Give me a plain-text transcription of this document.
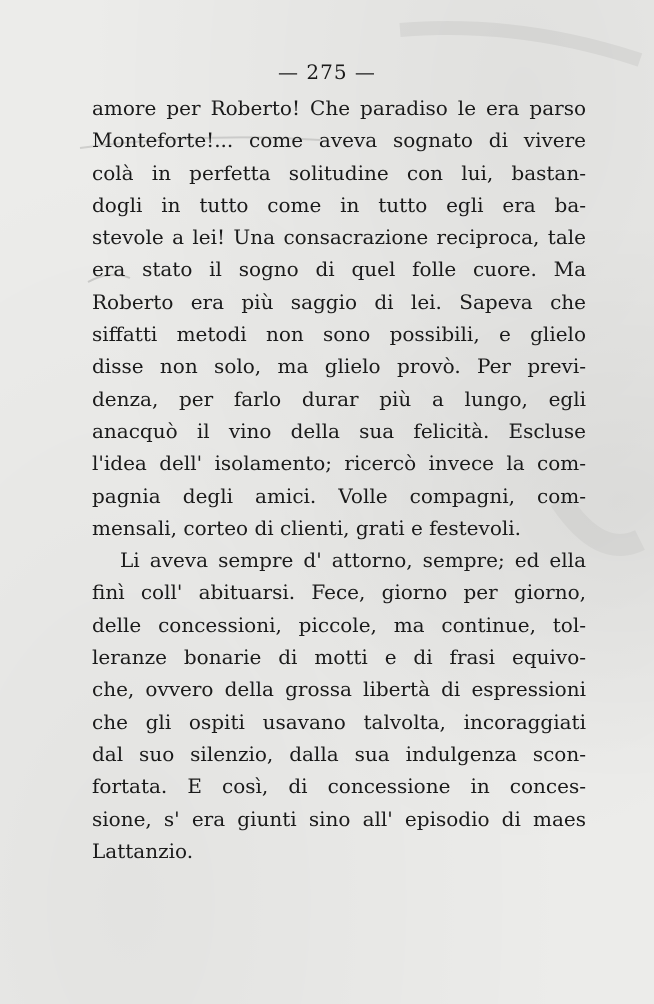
— 275 —
amore per Roberto! Che paradiso le era parso
Monteforte!... come aveva sognato di vivere
colà in perfetta solitudine con lui, bastan-
dogli in tutto come in tutto egli era ba-
stevole a lei! Una consacrazione reciproca, tale
era stato il sogno di quel folle cuore. Ma
Roberto era più saggio di lei. Sapeva che
siffatti metodi non sono possibili, e glielo
disse non solo, ma glielo provò. Per previ-
denza, per farlo durar più a lungo, egli
anacquò il vino della sua felicità. Escluse
l'idea dell' isolamento; ricercò invece la com-
pagnia degli amici. Volle compagni, com-
mensali, corteo di clienti, grati e festevoli.
Li aveva sempre d' attorno, sempre; ed ella
finì coll' abituarsi. Fece, giorno per giorno,
delle concessioni, piccole, ma continue, tol-
leranze bonarie di motti e di frasi equivo-
che, ovvero della grossa libertà di espressioni
che gli ospiti usavano talvolta, incoraggiati
dal suo silenzio, dalla sua indulgenza scon-
fortata. E così, di concessione in conces-
sione, s' era giunti sino all' episodio di maes
Lattanzio.
